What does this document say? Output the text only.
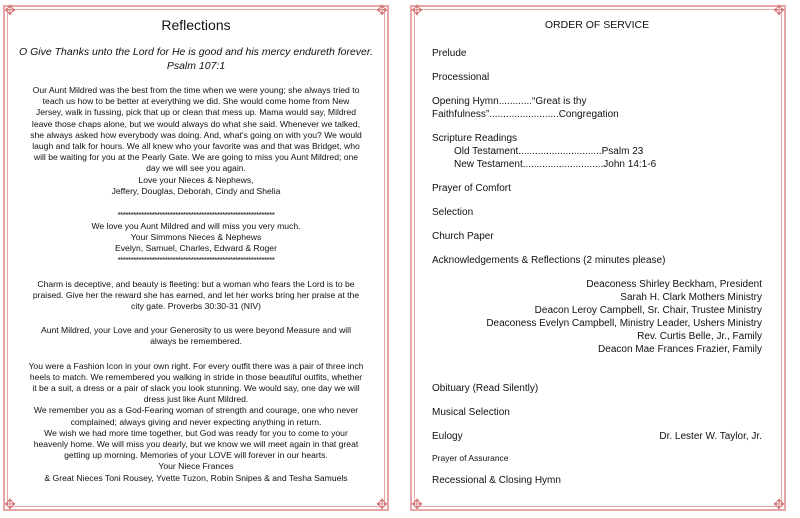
✥	✥
✥	✥
Reflections
O Give Thanks unto the Lord for He is good and his mercy endureth forever.
Psalm 107:1
Our Aunt Mildred was the best from the time when we were young; she always tried to
teach us how to be better at everything we did. She would come home from New
Jersey, walk in fussing, pick that up or clean that mess up. Mama would say, Mildred
leave those chaps alone, but we would always do what she said. Whenever we talked,
she always asked how everybody was doing. And, what's going on with you? We would
laugh and talk for hours. We all knew who your favorite was and that was Bridget, who
will be waiting for you at the Pearly Gate. We are going to miss you Aunt Mildred; one
day we will see you again.
Love your Nieces & Nephews,
Jeffery, Douglas, Deborah, Cindy and Shelia
************************************************************
We love you Aunt Mildred and will miss you very much.
Your Simmons Nieces & Nephews
Evelyn, Samuel, Charles, Edward & Roger
************************************************************
Charm is deceptive, and beauty is fleeting: but a woman who fears the Lord is to be
praised. Give her the reward she has earned, and let her works bring her praise at the
city gate. Proverbs 30:30-31 (NIV)
Aunt Mildred, your Love and your Generosity to us were beyond Measure and will
always be remembered.
You were a Fashion Icon in your own right. For every outfit there was a pair of three inch
heels to match. We remembered you walking in stride in those beautiful outfits, whether
it be a suit, a dress or a pair of slack you look stunning. We would say, one day we will
dress just like Aunt Mildred.
We remember you as a God-Fearing woman of strength and courage, one who never
complained; always giving and never expecting anything in return.
We wish we had more time together, but God was ready for you to come to your
heavenly home. We will miss you dearly, but we know we will meet again in that great
getting up morning. Memories of your LOVE will forever in our hearts.
Your Niece Frances
& Great Nieces Toni Rousey, Yvette Tuzon, Robin Snipes & and Tesha Samuels
✥	✥
✥	✥
ORDER OF SERVICE
Prelude
Processional
Opening Hymn............“Great is thy Faithfulness”.........................Congregation
Scripture Readings
Old Testament..............................Psalm 23
New Testament.............................John 14:1-6
Prayer of Comfort
Selection
Church Paper
Acknowledgements & Reflections (2 minutes please)
Deaconess Shirley Beckham, President
Sarah H. Clark Mothers Ministry
Deacon Leroy Campbell, Sr. Chair, Trustee Ministry
Deaconess Evelyn Campbell, Ministry Leader, Ushers Ministry
Rev. Curtis Belle, Jr., Family
Deacon Mae Frances Frazier, Family
Obituary (Read Silently)
Musical Selection
Eulogy	Dr. Lester W. Taylor, Jr.
Prayer of Assurance
Recessional & Closing Hymn
